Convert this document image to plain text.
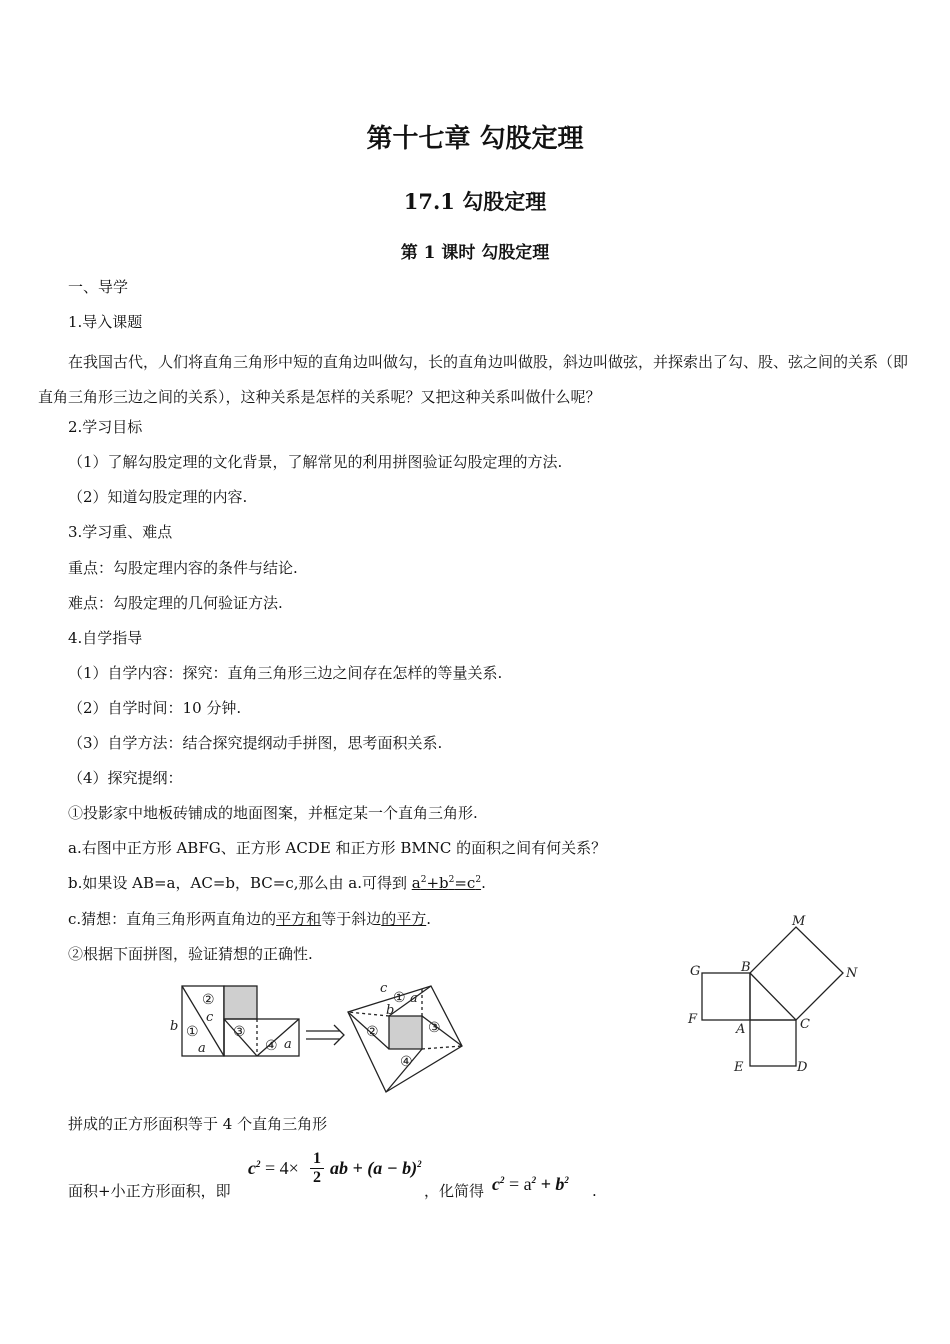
第十七章 勾股定理
17.1 勾股定理
第 1 课时 勾股定理
一、导学
1.导入课题
在我国古代，人们将直角三角形中短的直角边叫做勾，长的直角边叫做股，斜边叫做弦，并探索出了勾、股、弦之间的关系（即直角三角形三边之间的关系），这种关系是怎样的关系呢？又把这种关系叫做什么呢？
2.学习目标
（1）了解勾股定理的文化背景，了解常见的利用拼图验证勾股定理的方法.
（2）知道勾股定理的内容.
3.学习重、难点
重点：勾股定理内容的条件与结论.
难点：勾股定理的几何验证方法.
4.自学指导
（1）自学内容：探究：直角三角形三边之间存在怎样的等量关系.
（2）自学时间：10 分钟.
（3）自学方法：结合探究提纲动手拼图，思考面积关系.
（4）探究提纲：
①投影家中地板砖铺成的地面图案，并框定某一个直角三角形.
a.右图中正方形 ABFG、正方形 ACDE 和正方形 BMNC 的面积之间有何关系？
b.如果设 AB=a，AC=b，BC=c,那么由 a.可得到 $a^2+b^2=c^2$.
c.猜想：直角三角形两直角边的平方和等于斜边的平方.
②根据下面拼图，验证猜想的正确性.
②
c
b ①
a
③
④ a
c
① a
b
②	③
④
M
G	B	N
F
A	C
E	D
拼成的正方形面积等于 4 个直角三角形
面积+小正方形面积，即
$c^2 = 4\times 1$
2 ab + $(a - b)^2$
，化简得 $c^2 = a^2 + b^2$
.
